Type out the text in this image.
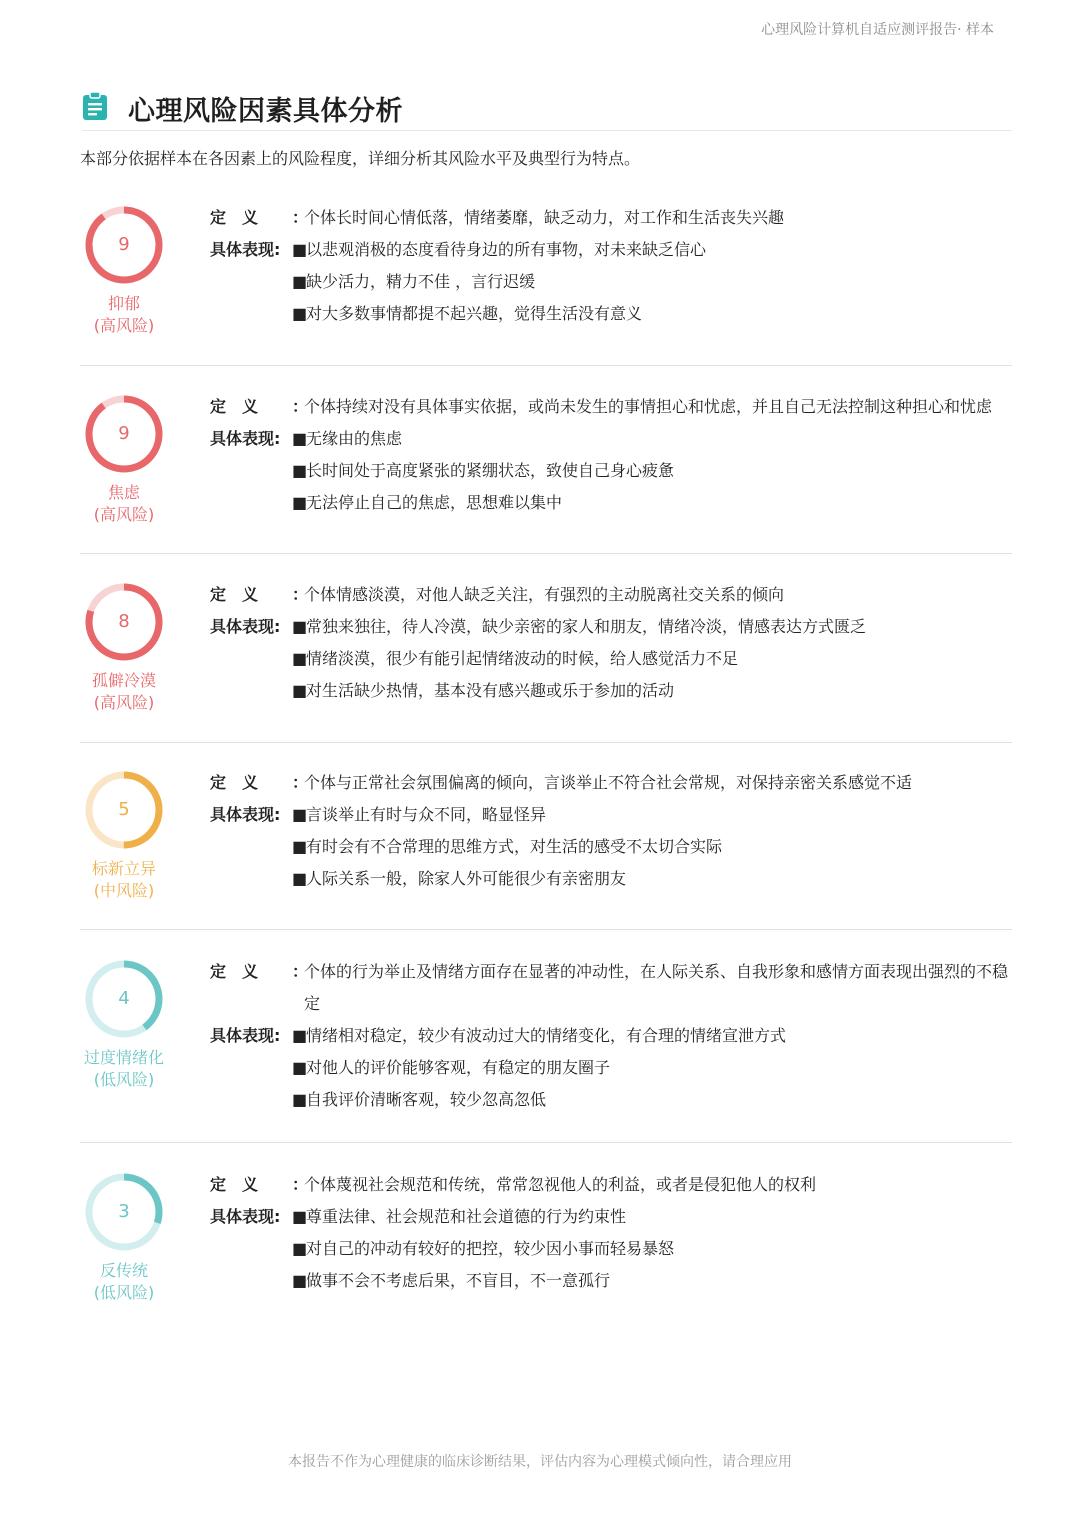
心理风险计算机自适应测评报告· 样本
心理风险因素具体分析
本部分依据样本在各因素上的风险程度，详细分析其风险水平及典型行为特点。
9
抑郁
(高风险)
定　义	：
个体长时间心情低落，情绪萎靡，缺乏动力，对工作和生活丧失兴趣
具体表现: ■
以悲观消极的态度看待身边的所有事物，对未来缺乏信心
■
缺少活力，精力不佳 ，言行迟缓
■
对大多数事情都提不起兴趣，觉得生活没有意义
9
焦虑
(高风险)
定　义	：
个体持续对没有具体事实依据，或尚未发生的事情担心和忧虑，并且自己无法控制这种担心和忧虑
具体表现: ■
无缘由的焦虑
■
长时间处于高度紧张的紧绷状态，致使自己身心疲惫
■
无法停止自己的焦虑，思想难以集中
8
孤僻冷漠
(高风险)
定　义	：
个体情感淡漠，对他人缺乏关注，有强烈的主动脱离社交关系的倾向
具体表现: ■
常独来独往，待人冷漠，缺少亲密的家人和朋友，情绪冷淡，情感表达方式匮乏
■
情绪淡漠，很少有能引起情绪波动的时候，给人感觉活力不足
■
对生活缺少热情，基本没有感兴趣或乐于参加的活动
5
标新立异
(中风险)
定　义	：
个体与正常社会氛围偏离的倾向，言谈举止不符合社会常规，对保持亲密关系感觉不适
具体表现: ■
言谈举止有时与众不同，略显怪异
■
有时会有不合常理的思维方式，对生活的感受不太切合实际
■
人际关系一般，除家人外可能很少有亲密朋友
4
过度情绪化
(低风险)
定　义	：
个体的行为举止及情绪方面存在显著的冲动性，在人际关系、自我形象和感情方面表现出强烈的不稳定
具体表现: ■
情绪相对稳定，较少有波动过大的情绪变化，有合理的情绪宣泄方式
■
对他人的评价能够客观，有稳定的朋友圈子
■
自我评价清晰客观，较少忽高忽低
3
反传统
(低风险)
定　义	：
个体蔑视社会规范和传统，常常忽视他人的利益，或者是侵犯他人的权利
具体表现: ■
尊重法律、社会规范和社会道德的行为约束性
■
对自己的冲动有较好的把控，较少因小事而轻易暴怒
■
做事不会不考虑后果，不盲目，不一意孤行
本报告不作为心理健康的临床诊断结果，评估内容为心理模式倾向性，请合理应用
